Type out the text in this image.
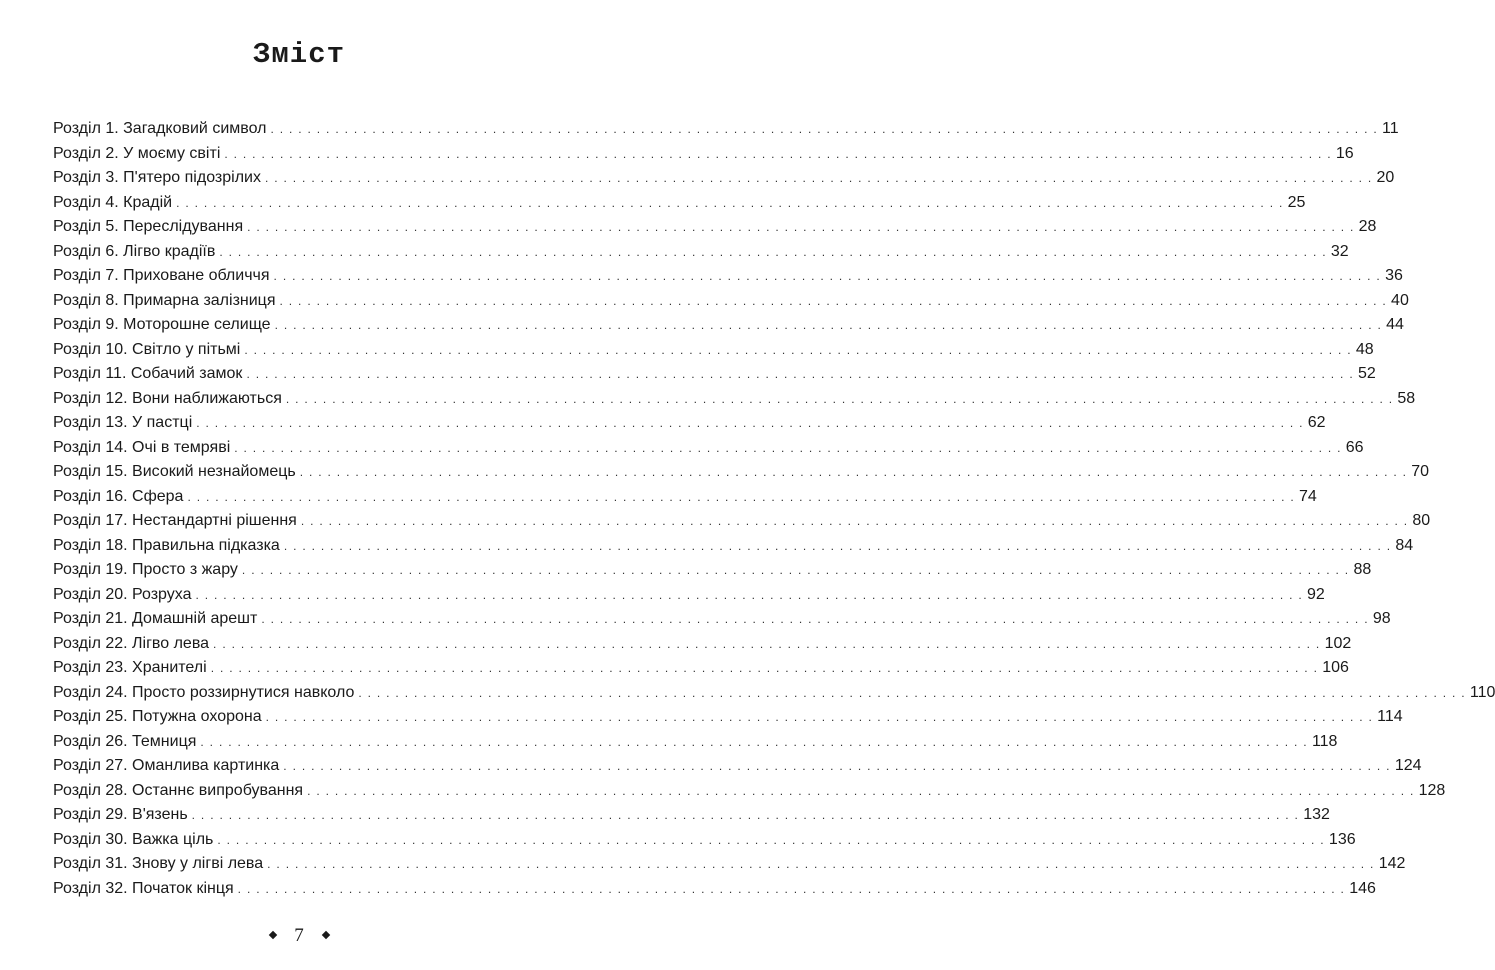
Зміст
Розділ 1. Загадковий символ . . . . . . . . . . . . . . . . . . . . . . . . . . . . . . . . . . . . . . . . . . . . . . . . . . . . . . . . . . . . . . . . . . . . . . . . . . . . . . . . . . . . . . . . . . . . . . . . . . . . . . . . . . . . . . . . . . . . . . . . 11
Розділ 2. У моєму світі . . . . . . . . . . . . . . . . . . . . . . . . . . . . . . . . . . . . . . . . . . . . . . . . . . . . . . . . . . . . . . . . . . . . . . . . . . . . . . . . . . . . . . . . . . . . . . . . . . . . . . . . . . . . . . . . . . . . . . . . 16
Розділ 3. П'ятеро підозрілих . . . . . . . . . . . . . . . . . . . . . . . . . . . . . . . . . . . . . . . . . . . . . . . . . . . . . . . . . . . . . . . . . . . . . . . . . . . . . . . . . . . . . . . . . . . . . . . . . . . . . . . . . . . . . . . . . . . . . . . . 20
Розділ 4. Крадій . . . . . . . . . . . . . . . . . . . . . . . . . . . . . . . . . . . . . . . . . . . . . . . . . . . . . . . . . . . . . . . . . . . . . . . . . . . . . . . . . . . . . . . . . . . . . . . . . . . . . . . . . . . . . . . . . . . . . . . . 25
Розділ 5. Переслідування . . . . . . . . . . . . . . . . . . . . . . . . . . . . . . . . . . . . . . . . . . . . . . . . . . . . . . . . . . . . . . . . . . . . . . . . . . . . . . . . . . . . . . . . . . . . . . . . . . . . . . . . . . . . . . . . . . . . . . . . 28
Розділ 6. Лігво крадіїв . . . . . . . . . . . . . . . . . . . . . . . . . . . . . . . . . . . . . . . . . . . . . . . . . . . . . . . . . . . . . . . . . . . . . . . . . . . . . . . . . . . . . . . . . . . . . . . . . . . . . . . . . . . . . . . . . . . . . . . . 32
Розділ 7. Приховане обличчя . . . . . . . . . . . . . . . . . . . . . . . . . . . . . . . . . . . . . . . . . . . . . . . . . . . . . . . . . . . . . . . . . . . . . . . . . . . . . . . . . . . . . . . . . . . . . . . . . . . . . . . . . . . . . . . . . . . . . . . . 36
Розділ 8. Примарна залізниця . . . . . . . . . . . . . . . . . . . . . . . . . . . . . . . . . . . . . . . . . . . . . . . . . . . . . . . . . . . . . . . . . . . . . . . . . . . . . . . . . . . . . . . . . . . . . . . . . . . . . . . . . . . . . . . . . . . . . . . . 40
Розділ 9. Моторошне селище . . . . . . . . . . . . . . . . . . . . . . . . . . . . . . . . . . . . . . . . . . . . . . . . . . . . . . . . . . . . . . . . . . . . . . . . . . . . . . . . . . . . . . . . . . . . . . . . . . . . . . . . . . . . . . . . . . . . . . . . 44
Розділ 10. Світло у пітьмі . . . . . . . . . . . . . . . . . . . . . . . . . . . . . . . . . . . . . . . . . . . . . . . . . . . . . . . . . . . . . . . . . . . . . . . . . . . . . . . . . . . . . . . . . . . . . . . . . . . . . . . . . . . . . . . . . . . . . . . . 48
Розділ 11. Собачий замок . . . . . . . . . . . . . . . . . . . . . . . . . . . . . . . . . . . . . . . . . . . . . . . . . . . . . . . . . . . . . . . . . . . . . . . . . . . . . . . . . . . . . . . . . . . . . . . . . . . . . . . . . . . . . . . . . . . . . . . . 52
Розділ 12. Вони наближаються . . . . . . . . . . . . . . . . . . . . . . . . . . . . . . . . . . . . . . . . . . . . . . . . . . . . . . . . . . . . . . . . . . . . . . . . . . . . . . . . . . . . . . . . . . . . . . . . . . . . . . . . . . . . . . . . . . . . . . . . 58
Розділ 13. У пастці . . . . . . . . . . . . . . . . . . . . . . . . . . . . . . . . . . . . . . . . . . . . . . . . . . . . . . . . . . . . . . . . . . . . . . . . . . . . . . . . . . . . . . . . . . . . . . . . . . . . . . . . . . . . . . . . . . . . . . . . 62
Розділ 14. Очі в темряві . . . . . . . . . . . . . . . . . . . . . . . . . . . . . . . . . . . . . . . . . . . . . . . . . . . . . . . . . . . . . . . . . . . . . . . . . . . . . . . . . . . . . . . . . . . . . . . . . . . . . . . . . . . . . . . . . . . . . . . . 66
Розділ 15. Високий незнайомець . . . . . . . . . . . . . . . . . . . . . . . . . . . . . . . . . . . . . . . . . . . . . . . . . . . . . . . . . . . . . . . . . . . . . . . . . . . . . . . . . . . . . . . . . . . . . . . . . . . . . . . . . . . . . . . . . . . . . . . . 70
Розділ 16. Сфера . . . . . . . . . . . . . . . . . . . . . . . . . . . . . . . . . . . . . . . . . . . . . . . . . . . . . . . . . . . . . . . . . . . . . . . . . . . . . . . . . . . . . . . . . . . . . . . . . . . . . . . . . . . . . . . . . . . . . . . . 74
Розділ 17. Нестандартні рішення . . . . . . . . . . . . . . . . . . . . . . . . . . . . . . . . . . . . . . . . . . . . . . . . . . . . . . . . . . . . . . . . . . . . . . . . . . . . . . . . . . . . . . . . . . . . . . . . . . . . . . . . . . . . . . . . . . . . . . . . 80
Розділ 18. Правильна підказка . . . . . . . . . . . . . . . . . . . . . . . . . . . . . . . . . . . . . . . . . . . . . . . . . . . . . . . . . . . . . . . . . . . . . . . . . . . . . . . . . . . . . . . . . . . . . . . . . . . . . . . . . . . . . . . . . . . . . . . . 84
Розділ 19. Просто з жару . . . . . . . . . . . . . . . . . . . . . . . . . . . . . . . . . . . . . . . . . . . . . . . . . . . . . . . . . . . . . . . . . . . . . . . . . . . . . . . . . . . . . . . . . . . . . . . . . . . . . . . . . . . . . . . . . . . . . . . . 88
Розділ 20. Розруха . . . . . . . . . . . . . . . . . . . . . . . . . . . . . . . . . . . . . . . . . . . . . . . . . . . . . . . . . . . . . . . . . . . . . . . . . . . . . . . . . . . . . . . . . . . . . . . . . . . . . . . . . . . . . . . . . . . . . . . . 92
Розділ 21. Домашній арешт . . . . . . . . . . . . . . . . . . . . . . . . . . . . . . . . . . . . . . . . . . . . . . . . . . . . . . . . . . . . . . . . . . . . . . . . . . . . . . . . . . . . . . . . . . . . . . . . . . . . . . . . . . . . . . . . . . . . . . . . 98
Розділ 22. Лігво лева . . . . . . . . . . . . . . . . . . . . . . . . . . . . . . . . . . . . . . . . . . . . . . . . . . . . . . . . . . . . . . . . . . . . . . . . . . . . . . . . . . . . . . . . . . . . . . . . . . . . . . . . . . . . . . . . . . . . . . . . 102
Розділ 23. Хранителі . . . . . . . . . . . . . . . . . . . . . . . . . . . . . . . . . . . . . . . . . . . . . . . . . . . . . . . . . . . . . . . . . . . . . . . . . . . . . . . . . . . . . . . . . . . . . . . . . . . . . . . . . . . . . . . . . . . . . . . . 106
Розділ 24. Просто роззирнутися навколо . . . . . . . . . . . . . . . . . . . . . . . . . . . . . . . . . . . . . . . . . . . . . . . . . . . . . . . . . . . . . . . . . . . . . . . . . . . . . . . . . . . . . . . . . . . . . . . . . . . . . . . . . . . . . . . . . . . . . . . . 110
Розділ 25. Потужна охорона . . . . . . . . . . . . . . . . . . . . . . . . . . . . . . . . . . . . . . . . . . . . . . . . . . . . . . . . . . . . . . . . . . . . . . . . . . . . . . . . . . . . . . . . . . . . . . . . . . . . . . . . . . . . . . . . . . . . . . . . 114
Розділ 26. Темниця . . . . . . . . . . . . . . . . . . . . . . . . . . . . . . . . . . . . . . . . . . . . . . . . . . . . . . . . . . . . . . . . . . . . . . . . . . . . . . . . . . . . . . . . . . . . . . . . . . . . . . . . . . . . . . . . . . . . . . . . 118
Розділ 27. Оманлива картинка . . . . . . . . . . . . . . . . . . . . . . . . . . . . . . . . . . . . . . . . . . . . . . . . . . . . . . . . . . . . . . . . . . . . . . . . . . . . . . . . . . . . . . . . . . . . . . . . . . . . . . . . . . . . . . . . . . . . . . . . 124
Розділ 28. Останнє випробування . . . . . . . . . . . . . . . . . . . . . . . . . . . . . . . . . . . . . . . . . . . . . . . . . . . . . . . . . . . . . . . . . . . . . . . . . . . . . . . . . . . . . . . . . . . . . . . . . . . . . . . . . . . . . . . . . . . . . . . . 128
Розділ 29. В'язень . . . . . . . . . . . . . . . . . . . . . . . . . . . . . . . . . . . . . . . . . . . . . . . . . . . . . . . . . . . . . . . . . . . . . . . . . . . . . . . . . . . . . . . . . . . . . . . . . . . . . . . . . . . . . . . . . . . . . . . . 132
Розділ 30. Важка ціль . . . . . . . . . . . . . . . . . . . . . . . . . . . . . . . . . . . . . . . . . . . . . . . . . . . . . . . . . . . . . . . . . . . . . . . . . . . . . . . . . . . . . . . . . . . . . . . . . . . . . . . . . . . . . . . . . . . . . . . . 136
Розділ 31. Знову у лігві лева . . . . . . . . . . . . . . . . . . . . . . . . . . . . . . . . . . . . . . . . . . . . . . . . . . . . . . . . . . . . . . . . . . . . . . . . . . . . . . . . . . . . . . . . . . . . . . . . . . . . . . . . . . . . . . . . . . . . . . . . 142
Розділ 32. Початок кінця . . . . . . . . . . . . . . . . . . . . . . . . . . . . . . . . . . . . . . . . . . . . . . . . . . . . . . . . . . . . . . . . . . . . . . . . . . . . . . . . . . . . . . . . . . . . . . . . . . . . . . . . . . . . . . . . . . . . . . . . 146
7
